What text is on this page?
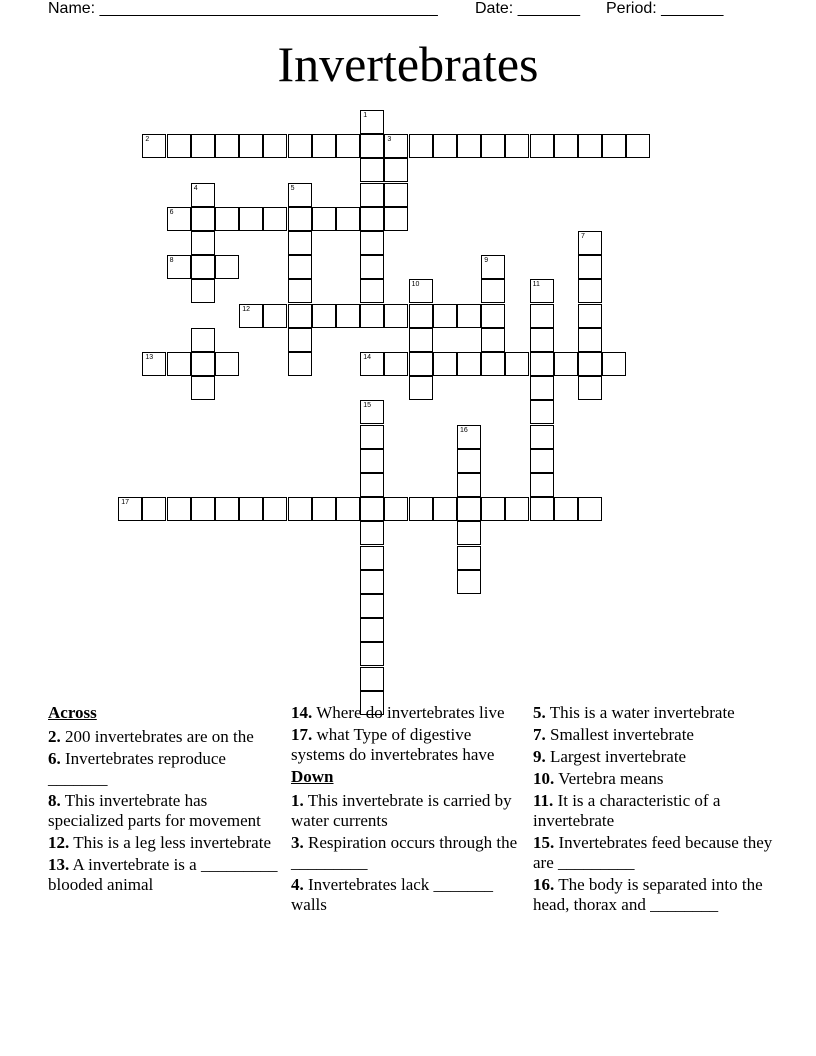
Name: ______________________________________ Date: _______ Period: _______
Invertebrates
1
2	3
4	5
6
7
8	9
10	11
12
13	14
15
16
17
Across
2. 200 invertebrates are on the
6. Invertebrates reproduce _______
8. This invertebrate has specialized parts for movement
12. This is a leg less invertebrate
13. A invertebrate is a _________ blooded animal
14. Where do invertebrates live
17. what Type of digestive systems do invertebrates have
Down
1. This invertebrate is carried by water currents
3. Respiration occurs through the _________
4. Invertebrates lack _______ walls
5. This is a water invertebrate
7. Smallest invertebrate
9. Largest invertebrate
10. Vertebra means
11. It is a characteristic of a invertebrate
15. Invertebrates feed because they are _________
16. The body is separated into the head, thorax and ________
